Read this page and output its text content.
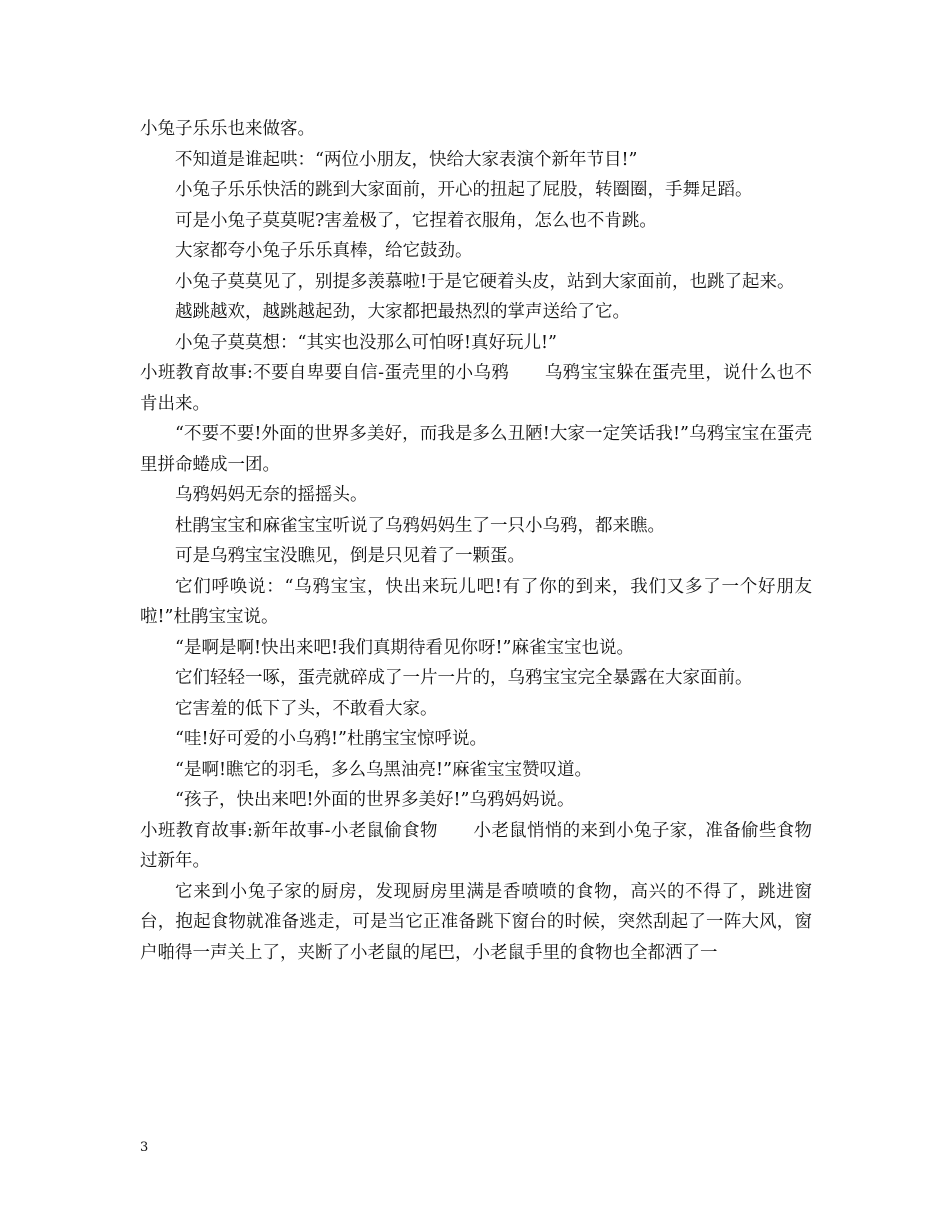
小兔子乐乐也来做客。

不知道是谁起哄：“两位小朋友，快给大家表演个新年节目!”

小兔子乐乐快活的跳到大家面前，开心的扭起了屁股，转圈圈，手舞足蹈。

可是小兔子莫莫呢?害羞极了，它捏着衣服角，怎么也不肯跳。

大家都夸小兔子乐乐真棒，给它鼓劲。

小兔子莫莫见了，别提多羡慕啦!于是它硬着头皮，站到大家面前，也跳了起来。

越跳越欢，越跳越起劲，大家都把最热烈的掌声送给了它。

小兔子莫莫想：“其实也没那么可怕呀!真好玩儿!”

小班教育故事:不要自卑要自信-蛋壳里的小乌鸦　　乌鸦宝宝躲在蛋壳里，说什么也不肯出来。

“不要不要!外面的世界多美好，而我是多么丑陋!大家一定笑话我!”乌鸦宝宝在蛋壳里拼命蜷成一团。

乌鸦妈妈无奈的摇摇头。

杜鹃宝宝和麻雀宝宝听说了乌鸦妈妈生了一只小乌鸦，都来瞧。

可是乌鸦宝宝没瞧见，倒是只见着了一颗蛋。

它们呼唤说：“乌鸦宝宝，快出来玩儿吧!有了你的到来，我们又多了一个好朋友啦!”杜鹃宝宝说。

“是啊是啊!快出来吧!我们真期待看见你呀!”麻雀宝宝也说。

它们轻轻一啄，蛋壳就碎成了一片一片的，乌鸦宝宝完全暴露在大家面前。

它害羞的低下了头，不敢看大家。

“哇!好可爱的小乌鸦!”杜鹃宝宝惊呼说。

“是啊!瞧它的羽毛，多么乌黑油亮!”麻雀宝宝赞叹道。

“孩子，快出来吧!外面的世界多美好!”乌鸦妈妈说。

小班教育故事:新年故事-小老鼠偷食物　　小老鼠悄悄的来到小兔子家，准备偷些食物过新年。

它来到小兔子家的厨房，发现厨房里满是香喷喷的食物，高兴的不得了，跳进窗台，抱起食物就准备逃走，可是当它正准备跳下窗台的时候，突然刮起了一阵大风，窗户啪得一声关上了，夹断了小老鼠的尾巴，小老鼠手里的食物也全都洒了一

3
